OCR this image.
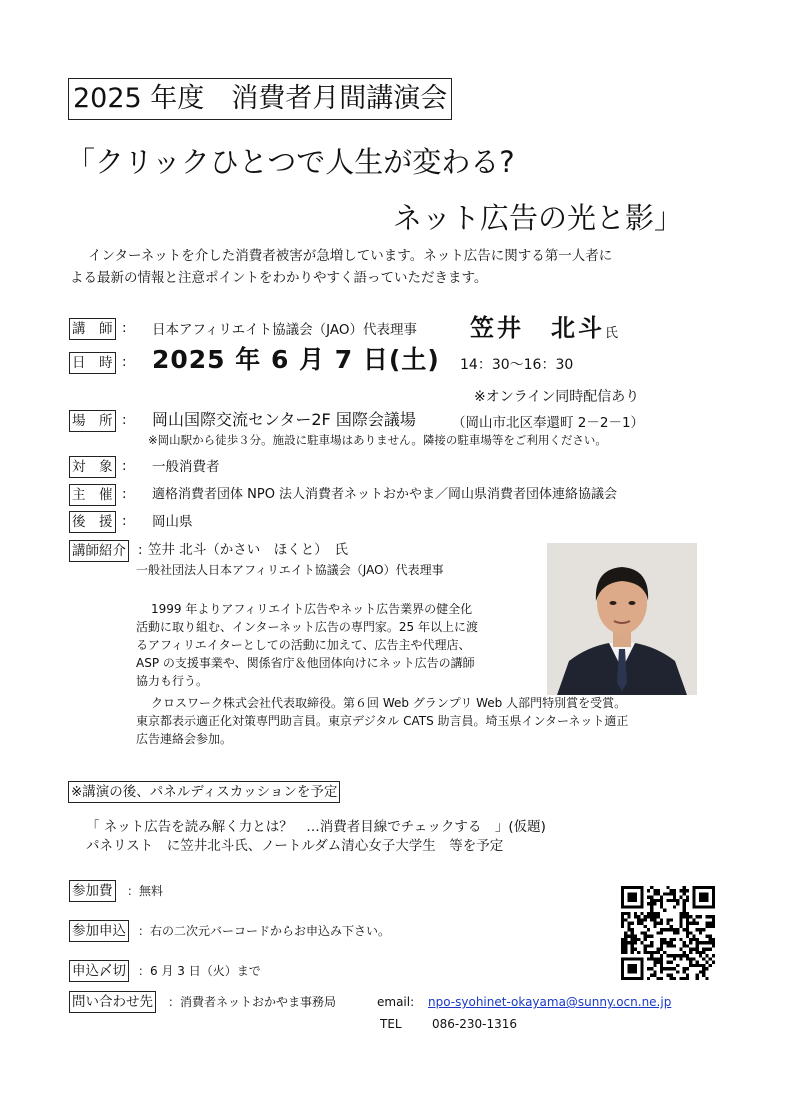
2025 年度　消費者月間講演会
「クリックひとつで人生が変わる?
ネット広告の光と影」
インターネットを介した消費者被害が急増しています。ネット広告に関する第一人者に
よる最新の情報と注意ポイントをわかりやすく語っていただきます。
講　師 : 日本アフィリエイト協議会（JAO）代表理事 笠井　北斗 氏
日　時 : 2025 年 6 月 7 日(土) 14：30～16：30
※オンライン同時配信あり
場　所 : 岡山国際交流センター2F 国際会議場	（岡山市北区奉還町 2－2－1）
※岡山駅から徒歩３分。施設に駐車場はありません。隣接の駐車場等をご利用ください。
対　象 : 一般消費者
主　催 : 適格消費者団体 NPO 法人消費者ネットおかやま／岡山県消費者団体連絡協議会
後　援 : 岡山県
講師紹介 : 笠井 北斗（かさい　ほくと）　氏
一般社団法人日本アフィリエイト協議会（JAO）代表理事
1999 年よりアフィリエイト広告やネット広告業界の健全化
活動に取り組む、インターネット広告の専門家。25 年以上に渡
るアフィリエイターとしての活動に加えて、広告主や代理店、
ASP の支援事業や、関係省庁＆他団体向けにネット広告の講師
協力も行う。
クロスワーク株式会社代表取締役。第６回 Web グランプリ Web 人部門特別賞を受賞。
東京都表示適正化対策専門助言員。東京デジタル CATS 助言員。埼玉県インターネット適正
広告連絡会参加。
※講演の後、パネルディスカッションを予定
「 ネット広告を読み解く力とは？　…消費者目線でチェックする　」(仮題)
パネリスト　に笠井北斗氏、ノートルダム清心女子大学生　等を予定
参加費 ：無料
参加申込 ：右の二次元バーコードからお申込み下さい。
申込〆切 ：6 月 3 日（火）まで
問い合わせ先 ：消費者ネットおかやま事務局	email: npo-syohinet-okayama@sunny.ocn.ne.jp
TEL	086-230-1316
